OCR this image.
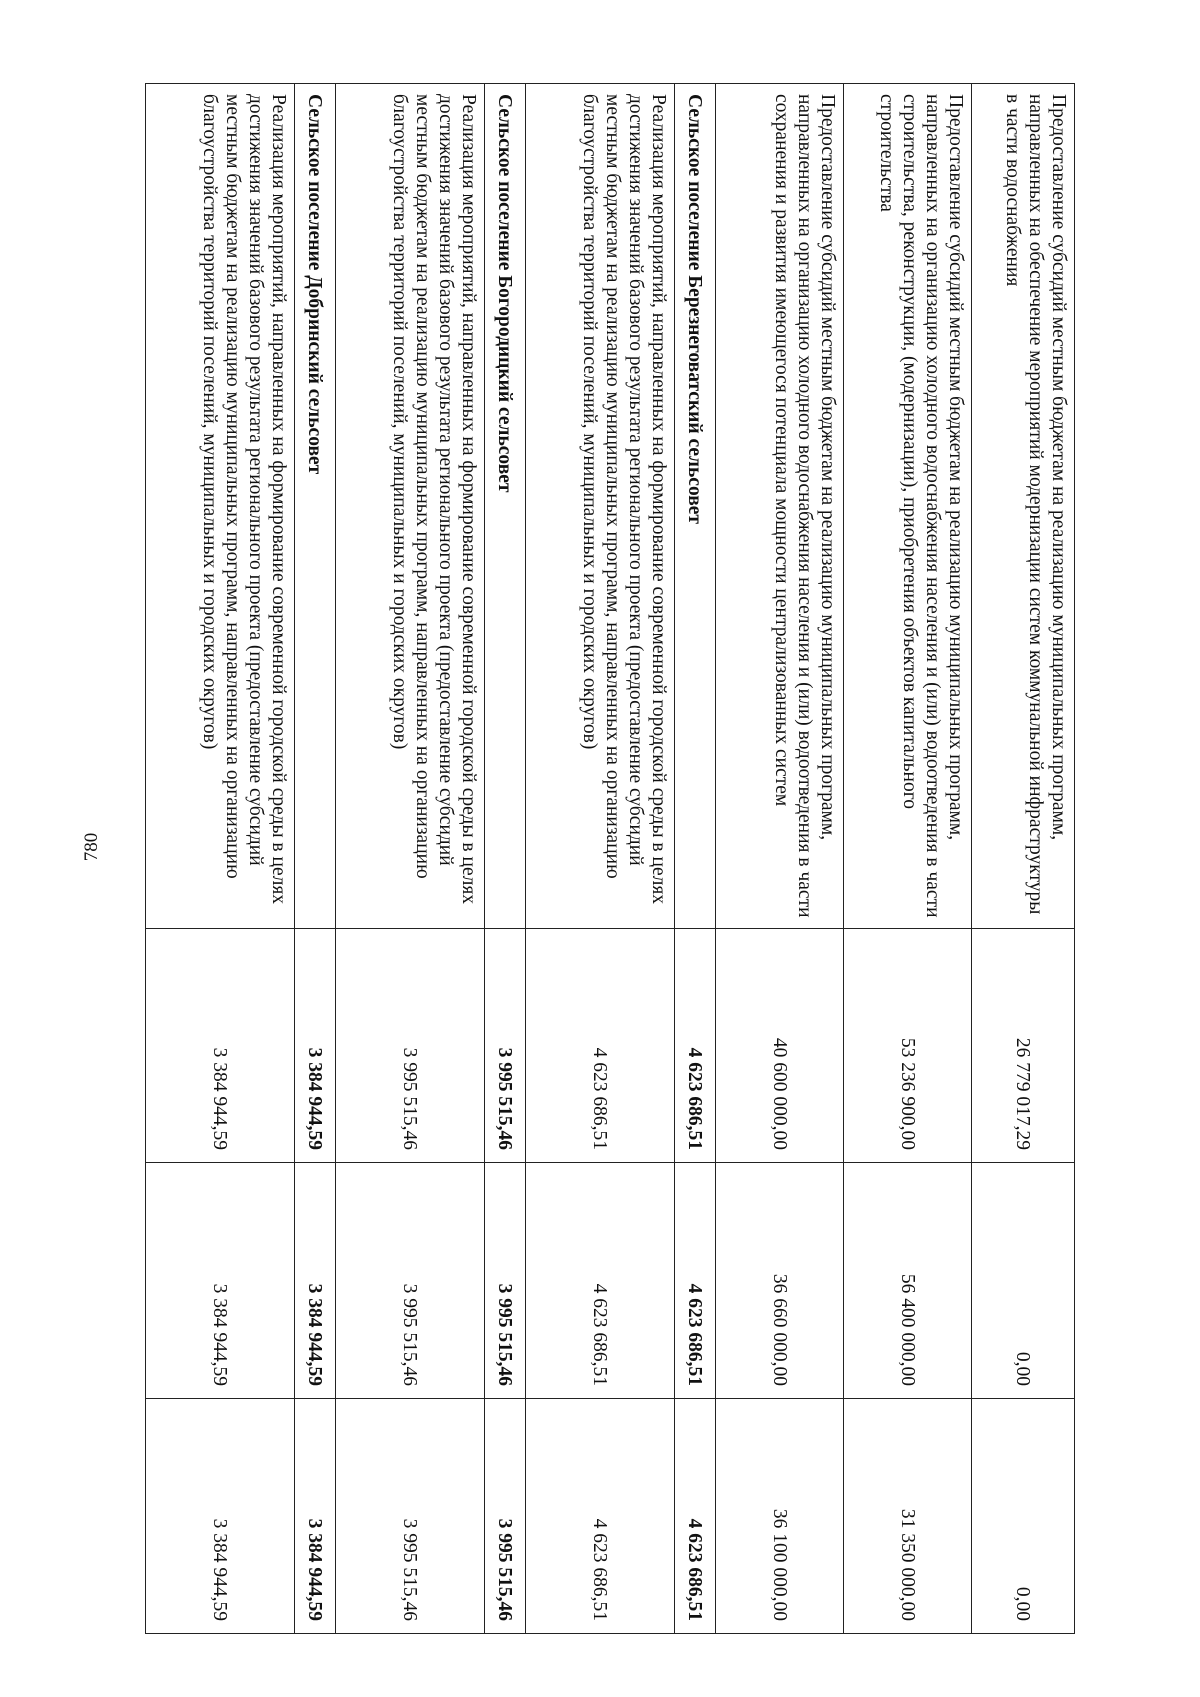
780
Предоставление субсидий местным бюджетам на реализацию муниципальных программ, направленных на обеспечение мероприятий модернизации систем коммунальной инфраструктуры в части водоснабжения	26 779 017,29	0,00	0,00
Предоставление субсидий местным бюджетам на реализацию муниципальных программ, направленных на организацию холодного водоснабжения населения и (или) водоотведения в части строительства, реконструкции, (модернизации), приобретения объектов капитального строительства	53 236 900,00	56 400 000,00	31 350 000,00
Предоставление субсидий местным бюджетам на реализацию муниципальных программ, направленных на организацию холодного водоснабжения населения и (или) водоотведения в части сохранения и развития имеющегося потенциала мощности централизованных систем	40 600 000,00	36 660 000,00	36 100 000,00
Сельское поселение Березнеговатский сельсовет	4 623 686,51	4 623 686,51	4 623 686,51
Реализация мероприятий, направленных на формирование современной городской среды в целях достижения значений базового результата регионального проекта (предоставление субсидий местным бюджетам на реализацию муниципальных программ, направленных на организацию благоустройства территорий поселений, муниципальных и городских округов)	4 623 686,51	4 623 686,51	4 623 686,51
Сельское поселение Богородицкий сельсовет	3 995 515,46	3 995 515,46	3 995 515,46
Реализация мероприятий, направленных на формирование современной городской среды в целях достижения значений базового результата регионального проекта (предоставление субсидий местным бюджетам на реализацию муниципальных программ, направленных на организацию благоустройства территорий поселений, муниципальных и городских округов)	3 995 515,46	3 995 515,46	3 995 515,46
Сельское поселение Добринский сельсовет	3 384 944,59	3 384 944,59	3 384 944,59
Реализация мероприятий, направленных на формирование современной городской среды в целях достижения значений базового результата регионального проекта (предоставление субсидий местным бюджетам на реализацию муниципальных программ, направленных на организацию благоустройства территорий поселений, муниципальных и городских округов)	3 384 944,59	3 384 944,59	3 384 944,59
